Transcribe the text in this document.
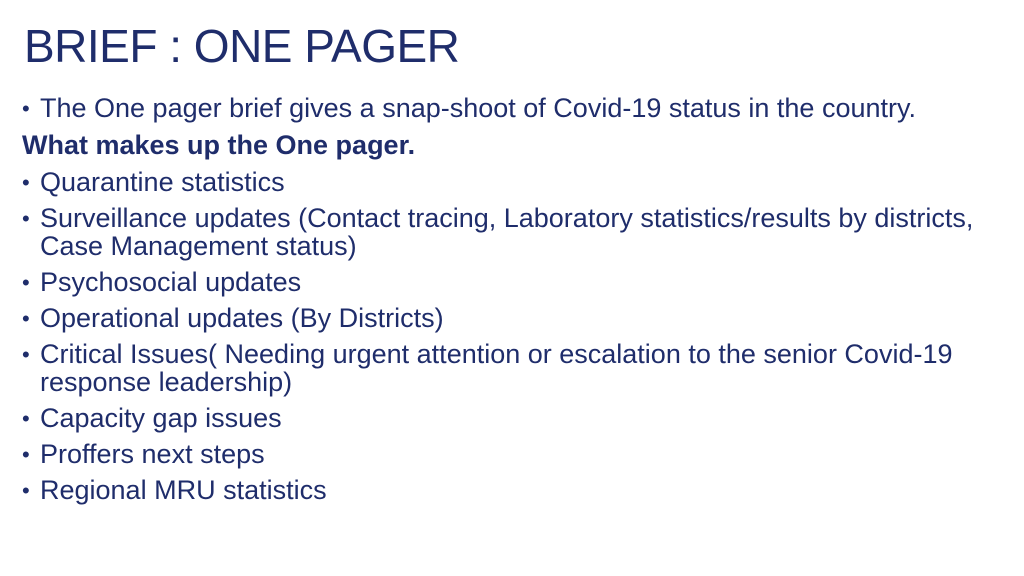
BRIEF : ONE PAGER
• The One pager brief gives a snap-shoot of Covid-19 status in the country.
What makes up the One pager.
• Quarantine statistics
• Surveillance updates (Contact tracing, Laboratory statistics/results by districts, Case Management status)
• Psychosocial updates
• Operational updates (By Districts)
• Critical Issues( Needing urgent attention or escalation to the senior Covid-19 response leadership)
• Capacity gap issues
• Proffers next steps
• Regional MRU statistics
